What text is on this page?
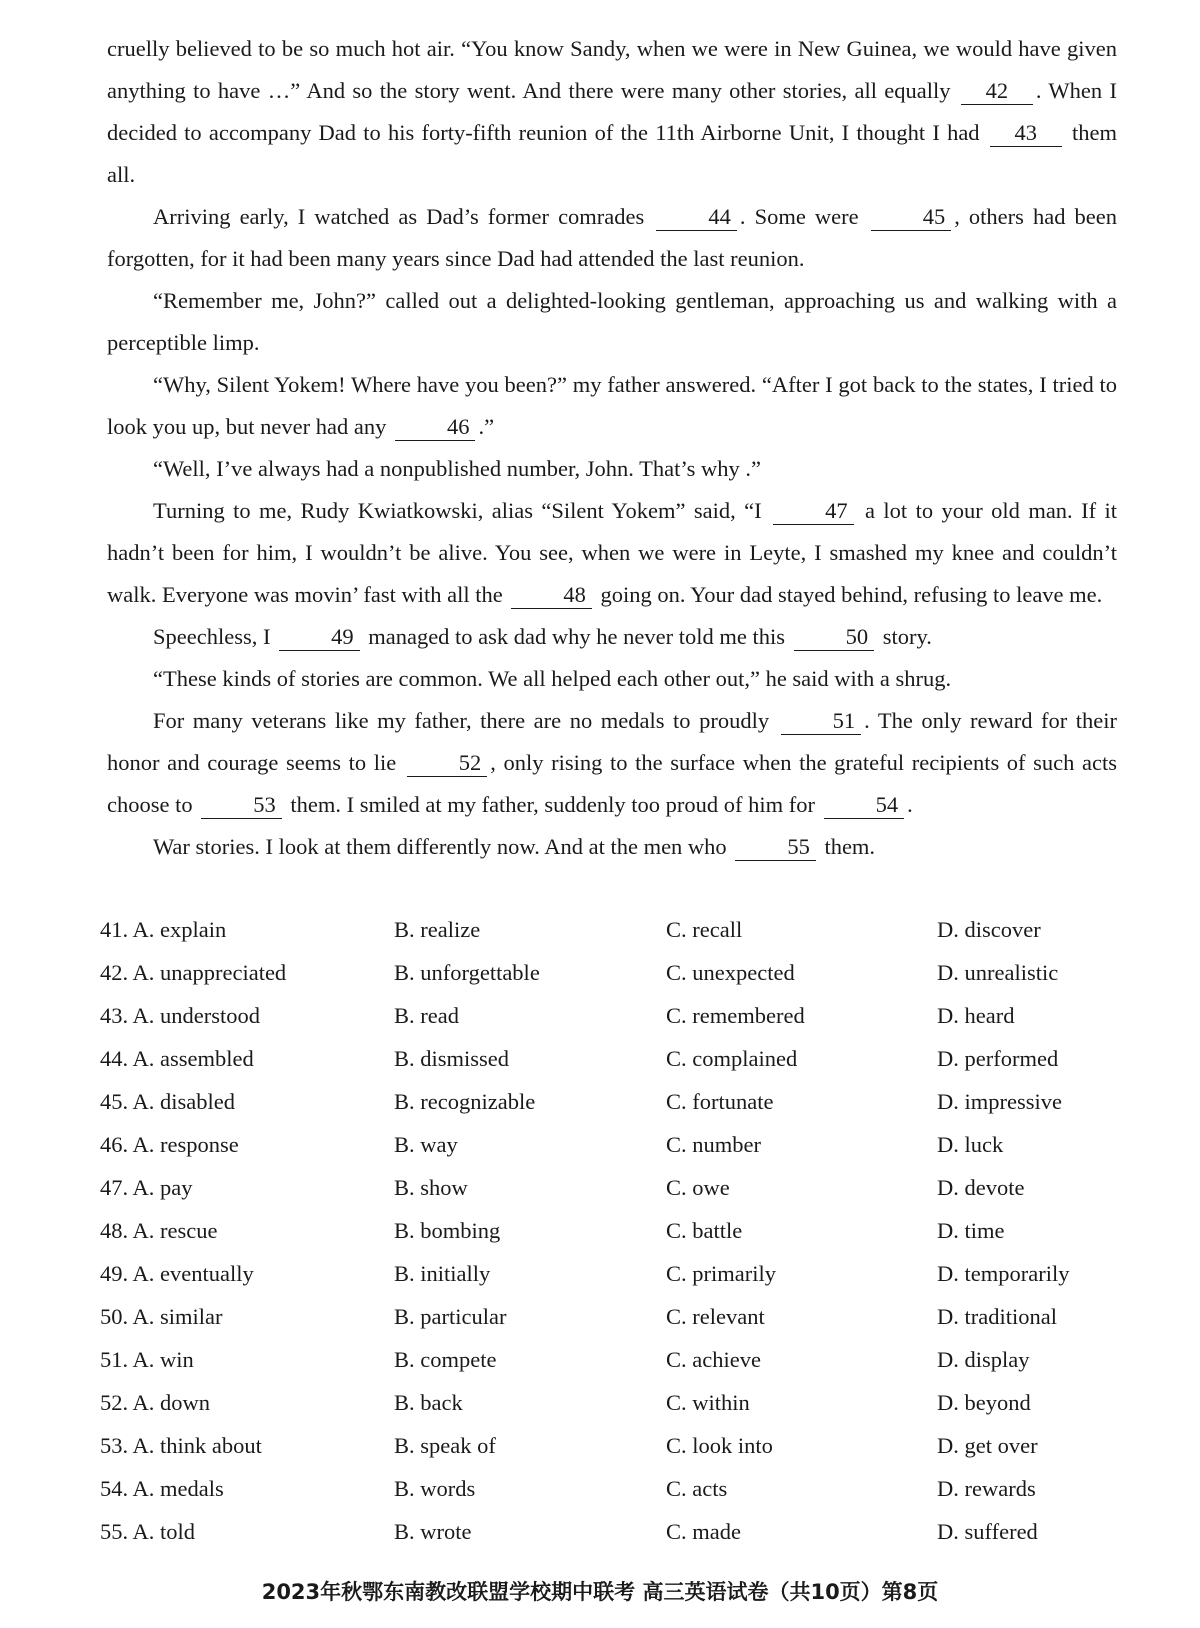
cruelly believed to be so much hot air. “You know Sandy, when we were in New Guinea, we would have given anything to have …” And so the story went. And there were many other stories, all equally 42 . When I decided to accompany Dad to his forty-fifth reunion of the 11th Airborne Unit, I thought I had 43 them all.

Arriving early, I watched as Dad’s former comrades	44 . Some were	45 , others had been forgotten, for it had been many years since Dad had attended the last reunion.

“Remember me, John?” called out a delighted-looking gentleman, approaching us and walking with a perceptible limp.

“Why, Silent Yokem! Where have you been?” my father answered. “After I got back to the states, I tried to look you up, but never had any	46 .”

“Well, I’ve always had a nonpublished number, John. That’s why .”

Turning to me, Rudy Kwiatkowski, alias “Silent Yokem” said, “I	47 a lot to your old man. If it hadn’t been for him, I wouldn’t be alive. You see, when we were in Leyte, I smashed my knee and couldn’t walk. Everyone was movin’ fast with all the	48 going on. Your dad stayed behind, refusing to leave me.

Speechless, I	49 managed to ask dad why he never told me this	50 story.

“These kinds of stories are common. We all helped each other out,” he said with a shrug.

For many veterans like my father, there are no medals to proudly	51 . The only reward for their honor and courage seems to lie	52 , only rising to the surface when the grateful recipients of such acts choose to	53 them. I smiled at my father, suddenly too proud of him for	54 .

War stories. I look at them differently now. And at the men who	55 them.

41. A. explain	B. realize	C. recall	D. discover
42. A. unappreciated	B. unforgettable	C. unexpected	D. unrealistic
43. A. understood	B. read	C. remembered	D. heard
44. A. assembled	B. dismissed	C. complained	D. performed
45. A. disabled	B. recognizable	C. fortunate	D. impressive
46. A. response	B. way	C. number	D. luck
47. A. pay	B. show	C. owe	D. devote
48. A. rescue	B. bombing	C. battle	D. time
49. A. eventually	B. initially	C. primarily	D. temporarily
50. A. similar	B. particular	C. relevant	D. traditional
51. A. win	B. compete	C. achieve	D. display
52. A. down	B. back	C. within	D. beyond
53. A. think about	B. speak of	C. look into	D. get over
54. A. medals	B. words	C. acts	D. rewards
55. A. told	B. wrote	C. made	D. suffered
2023年秋鄂东南教改联盟学校期中联考 高三英语试卷（共10页）第8页
